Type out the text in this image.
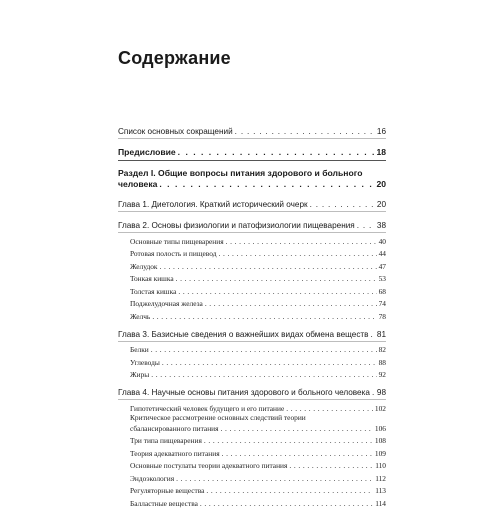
Содержание
Список основных сокращений . . .	16
Предисловие . . .	18
Раздел I. Общие вопросы питания здорового и больного
человека . . .	20
Глава 1. Диетология. Краткий исторический очерк . . .	20
Глава 2. Основы физиологии и патофизиологии пищеварения . . .	38
Основные типы пищеварения . . .	40
Ротовая полость и пищевод . . .	44
Желудок . . .	47
Тонкая кишка . . .	53
Толстая кишка . . .	68
Поджелудочная железа . . .	74
Желчь . . .	78
Глава 3. Базисные сведения о важнейших видах обмена веществ . . . 81
Белки . . .	82
Углеводы . . .	88
Жиры . . .	92
Глава 4. Научные основы питания здорового и больного человека . . . 98
Гипотетический человек будущего и его питание . . .	102
Критическое рассмотрение основных следствий теории
сбалансированного питания . . .	106
Три типа пищеварения . . .	108
Теория адекватного питания . . .	109
Основные постулаты теории адекватного питания . . .	110
Эндоэкология . . .	112
Регуляторные вещества . . .	113
Балластные вещества . . .	114
